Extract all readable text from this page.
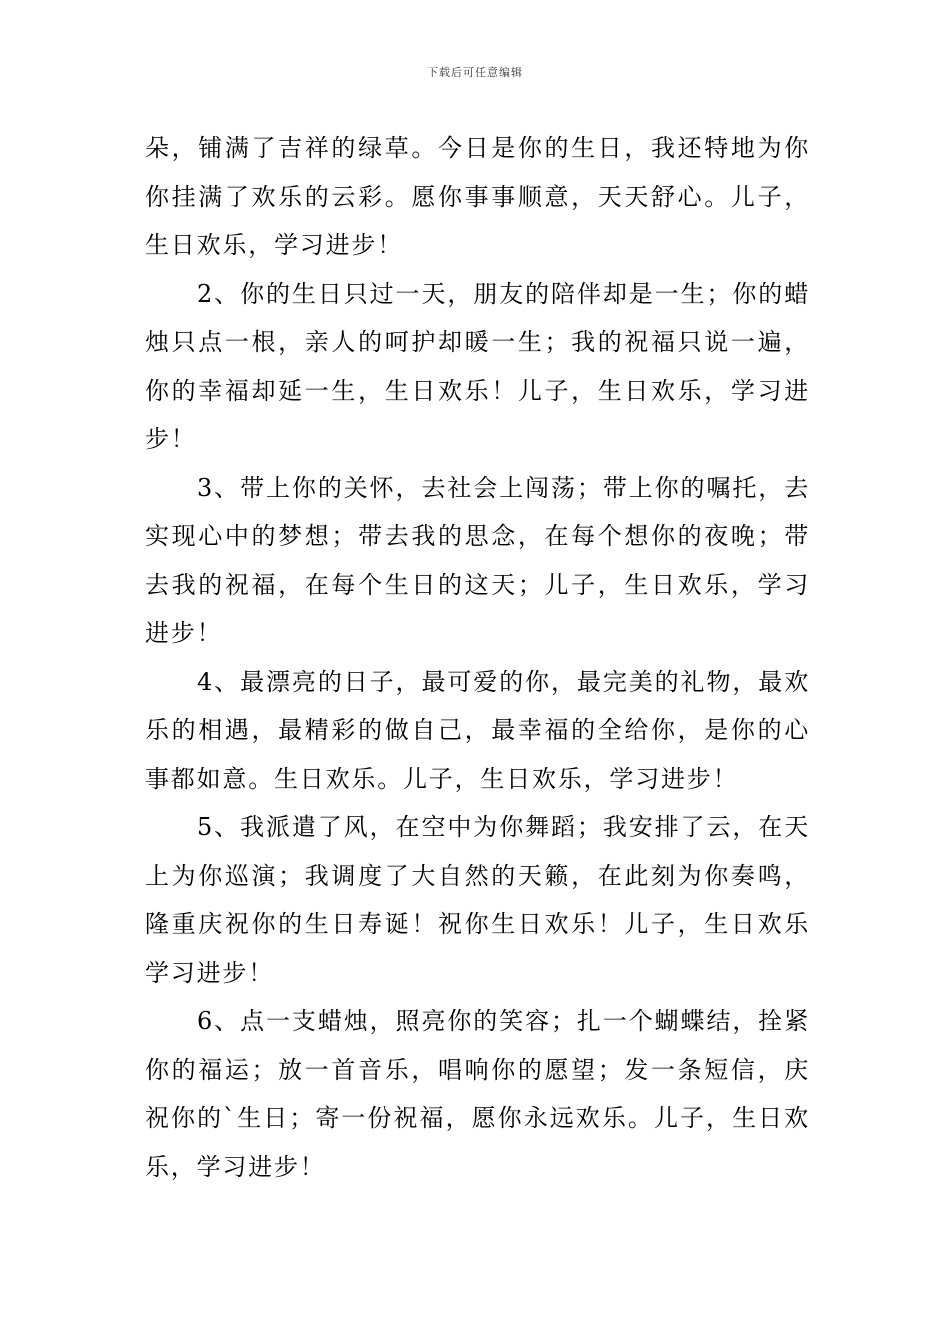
下载后可任意编辑

朵，铺满了吉祥的绿草。今日是你的生日，我还特地为你你挂满了欢乐的云彩。愿你事事顺意，天天舒心。儿子，生日欢乐，学习进步！

2、你的生日只过一天，朋友的陪伴却是一生；你的蜡烛只点一根，亲人的呵护却暖一生；我的祝福只说一遍，你的幸福却延一生，生日欢乐！儿子，生日欢乐，学习进步！

3、带上你的关怀，去社会上闯荡；带上你的嘱托，去实现心中的梦想；带去我的思念，在每个想你的夜晚；带去我的祝福，在每个生日的这天；儿子，生日欢乐，学习进步！

4、最漂亮的日子，最可爱的你，最完美的礼物，最欢乐的相遇，最精彩的做自己，最幸福的全给你，是你的心事都如意。生日欢乐。儿子，生日欢乐，学习进步！

5、我派遣了风，在空中为你舞蹈；我安排了云，在天上为你巡演；我调度了大自然的天籁，在此刻为你奏鸣，隆重庆祝你的生日寿诞！祝你生日欢乐！儿子，生日欢乐学习进步！

6、点一支蜡烛，照亮你的笑容；扎一个蝴蝶结，拴紧你的福运；放一首音乐，唱响你的愿望；发一条短信，庆祝你的`生日；寄一份祝福，愿你永远欢乐。儿子，生日欢乐，学习进步！
